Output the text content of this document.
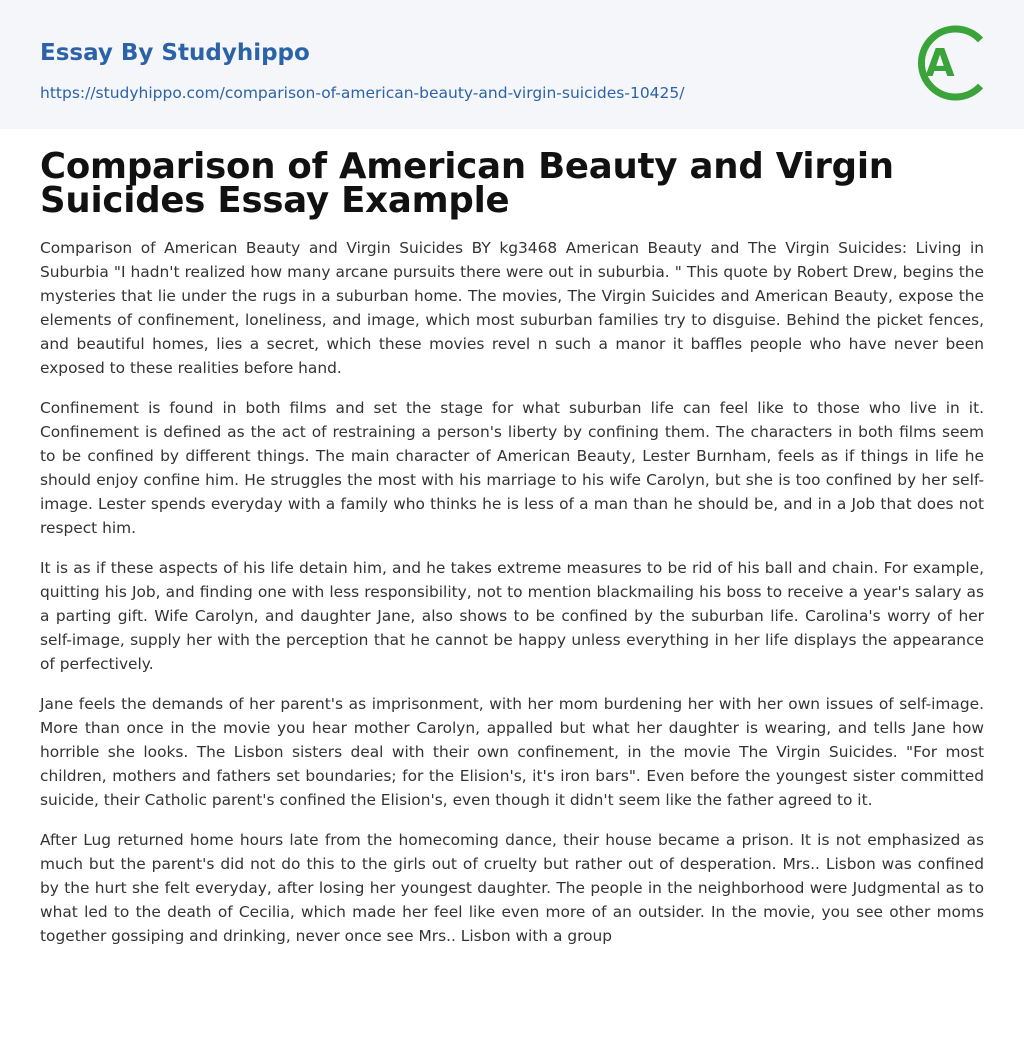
Essay By Studyhippo
https://studyhippo.com/comparison-of-american-beauty-and-virgin-suicides-10425/
A
Comparison of American Beauty and Virgin Suicides Essay Example

Comparison of American Beauty and Virgin Suicides BY kg3468 American Beauty and The Virgin Suicides: Living in Suburbia "I hadn't realized how many arcane pursuits there were out in suburbia. " This quote by Robert Drew, begins the mysteries that lie under the rugs in a suburban home. The movies, The Virgin Suicides and American Beauty, expose the elements of confinement, loneliness, and image, which most suburban families try to disguise. Behind the picket fences, and beautiful homes, lies a secret, which these movies revel n such a manor it baffles people who have never been exposed to these realities before hand.

Confinement is found in both films and set the stage for what suburban life can feel like to those who live in it. Confinement is defined as the act of restraining a person's liberty by confining them. The characters in both films seem to be confined by different things. The main character of American Beauty, Lester Burnham, feels as if things in life he should enjoy confine him. He struggles the most with his marriage to his wife Carolyn, but she is too confined by her self-image. Lester spends everyday with a family who thinks he is less of a man than he should be, and in a Job that does not respect him.

It is as if these aspects of his life detain him, and he takes extreme measures to be rid of his ball and chain. For example, quitting his Job, and finding one with less responsibility, not to mention blackmailing his boss to receive a year's salary as a parting gift. Wife Carolyn, and daughter Jane, also shows to be confined by the suburban life. Carolina's worry of her self-image, supply her with the perception that he cannot be happy unless everything in her life displays the appearance of perfectively.

Jane feels the demands of her parent's as imprisonment, with her mom burdening her with her own issues of self-image. More than once in the movie you hear mother Carolyn, appalled but what her daughter is wearing, and tells Jane how horrible she looks. The Lisbon sisters deal with their own confinement, in the movie The Virgin Suicides. "For most children, mothers and fathers set boundaries; for the Elision's, it's iron bars". Even before the youngest sister committed suicide, their Catholic parent's confined the Elision's, even though it didn't seem like the father agreed to it.

After Lug returned home hours late from the homecoming dance, their house became a prison. It is not emphasized as much but the parent's did not do this to the girls out of cruelty but rather out of desperation. Mrs.. Lisbon was confined by the hurt she felt everyday, after losing her youngest daughter. The people in the neighborhood were Judgmental as to what led to the death of Cecilia, which made her feel like even more of an outsider. In the movie, you see other moms together gossiping and drinking, never once see Mrs.. Lisbon with a group
